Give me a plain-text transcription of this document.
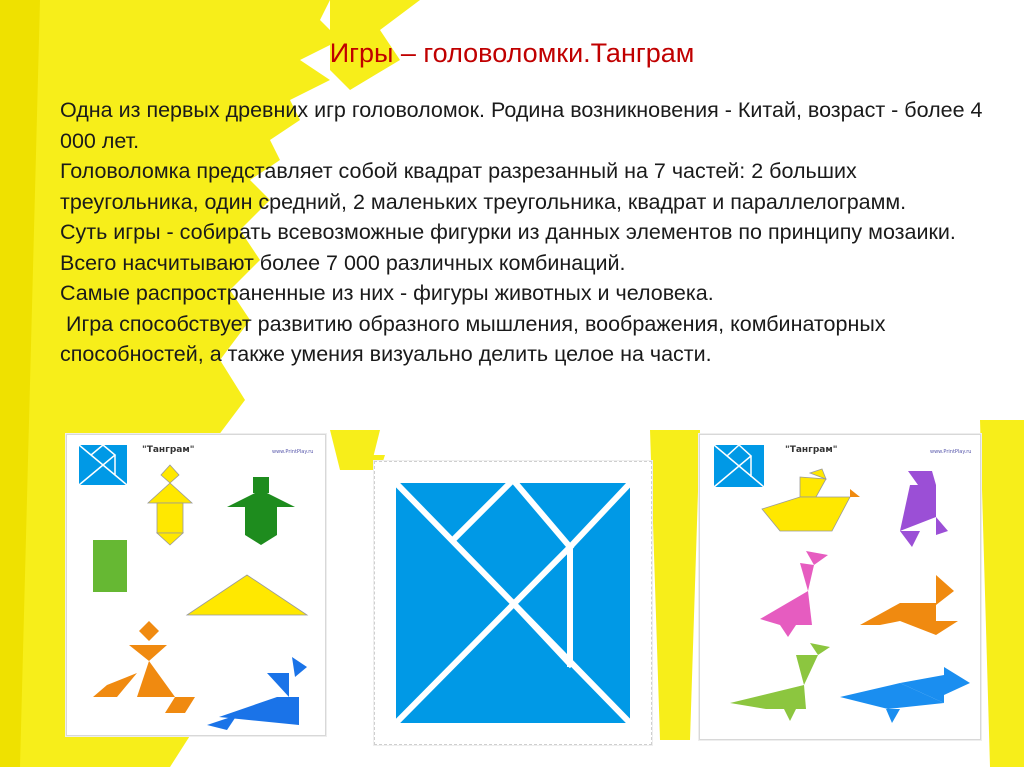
Игры – головоломки.Танграм

Одна из первых древних игр головоломок. Родина возникновения - Китай, возраст - более 4 000 лет.

Головоломка представляет собой квадрат разрезанный на 7 частей: 2 больших треугольника, один средний, 2 маленьких треугольника, квадрат и параллелограмм.

Суть игры - собирать всевозможные фигурки из данных элементов по принципу мозаики. Всего насчитывают более 7 000 различных комбинаций.

Самые распространенные из них - фигуры животных и человека.

Игра способствует развитию образного мышления, воображения, комбинаторных способностей, а также умения визуально делить целое на части.

"Танграм"	www.PrintPlay.ru	"Танграм"	www.PrintPlay.ru
